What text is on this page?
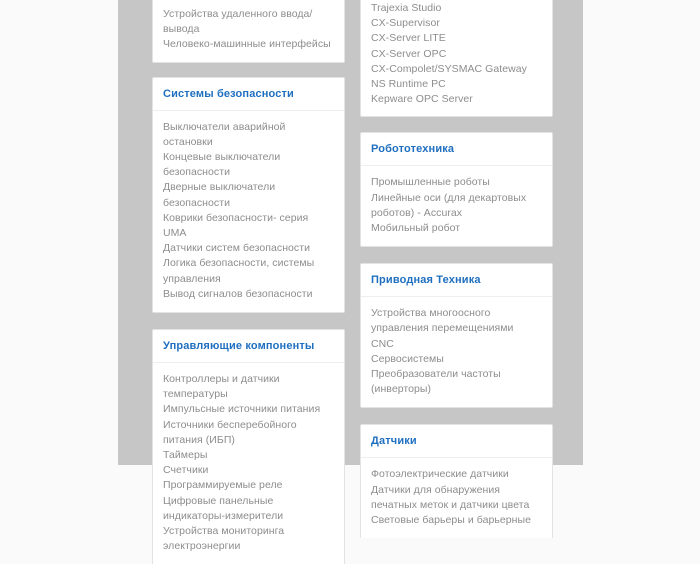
Устройства удаленного ввода/вывода
Человеко-машинные интерфейсы
Системы безопасности
Выключатели аварийной остановки
Концевые выключатели безопасности
Дверные выключатели безопасности
Коврики безопасности- серия UMA
Датчики систем безопасности
Логика безопасности, системы управления
Вывод сигналов безопасности
Управляющие компоненты
Контроллеры и датчики температуры
Импульсные источники питания
Источники бесперебойного питания (ИБП)
Таймеры
Счетчики
Программируемые реле
Цифровые панельные индикаторы-измерители
Устройства мониторинга электроэнергии
Trajexia Studio
CX-Supervisor
CX-Server LITE
CX-Server OPC
CX-Compolet/SYSMAC Gateway
NS Runtime PC
Kepware OPC Server
Робототехника
Промышленные роботы
Линейные оси (для декартовых роботов) - Accurax
Мобильный робот
Приводная Техника
Устройства многоосного управления перемещениями
CNC
Сервосистемы
Преобразователи частоты (инверторы)
Датчики
Фотоэлектрические датчики
Датчики для обнаружения печатных меток и датчики цвета
Световые барьеры и барьерные
